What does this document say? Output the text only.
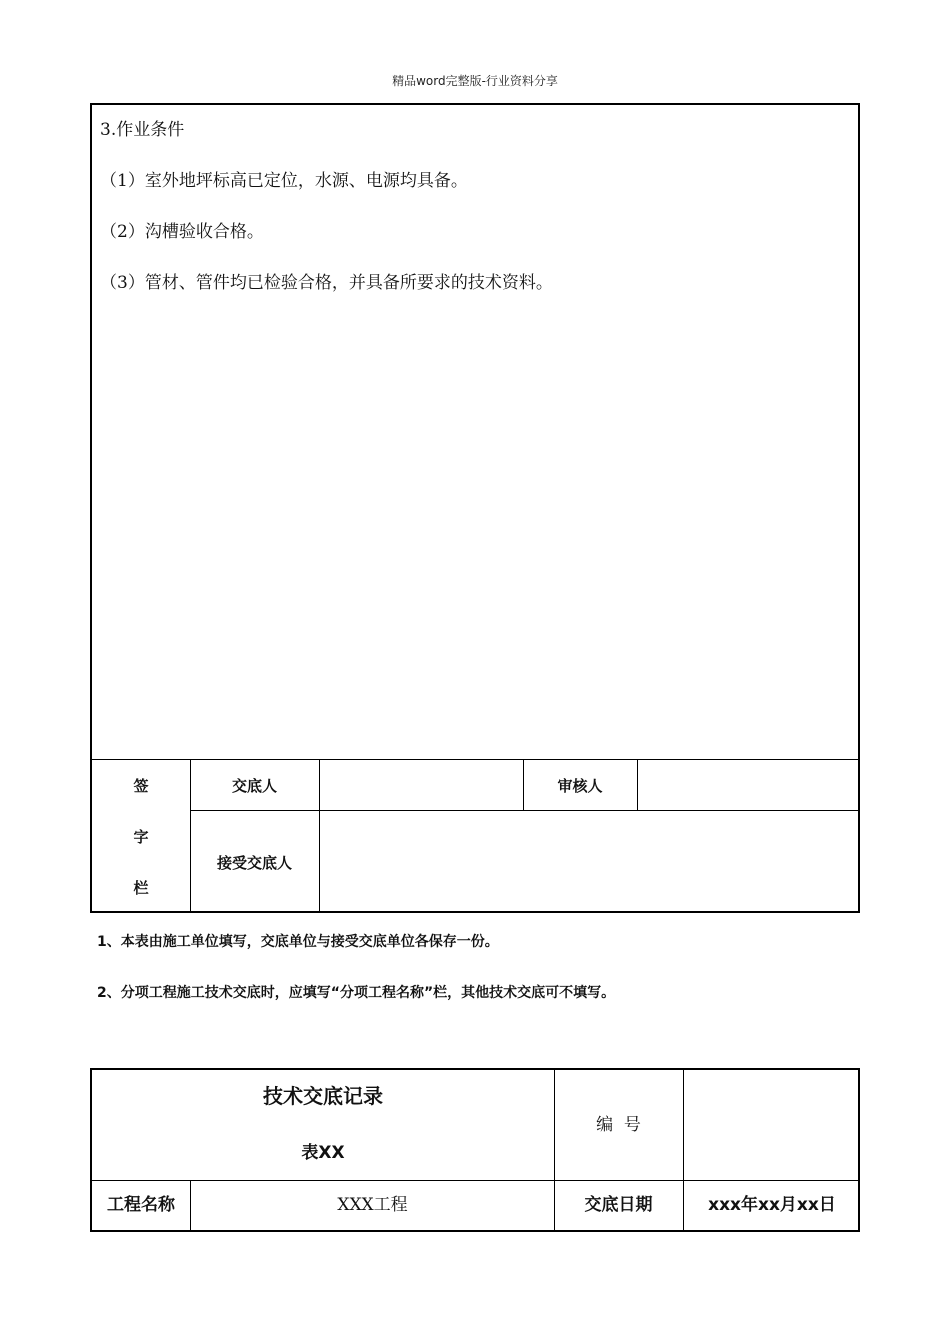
精品word完整版-行业资料分享
3.作业条件
（1）室外地坪标高已定位，水源、电源均具备。
（2）沟槽验收合格。
（3）管材、管件均已检验合格，并具备所要求的技术资料。
签
字
栏
交底人	审核人
接受交底人
1、本表由施工单位填写，交底单位与接受交底单位各保存一份。
2、分项工程施工技术交底时，应填写“分项工程名称”栏，其他技术交底可不填写。
技术交底记录
表XX
编  号
工程名称	XXX工程	交底日期	xxx年xx月xx日
